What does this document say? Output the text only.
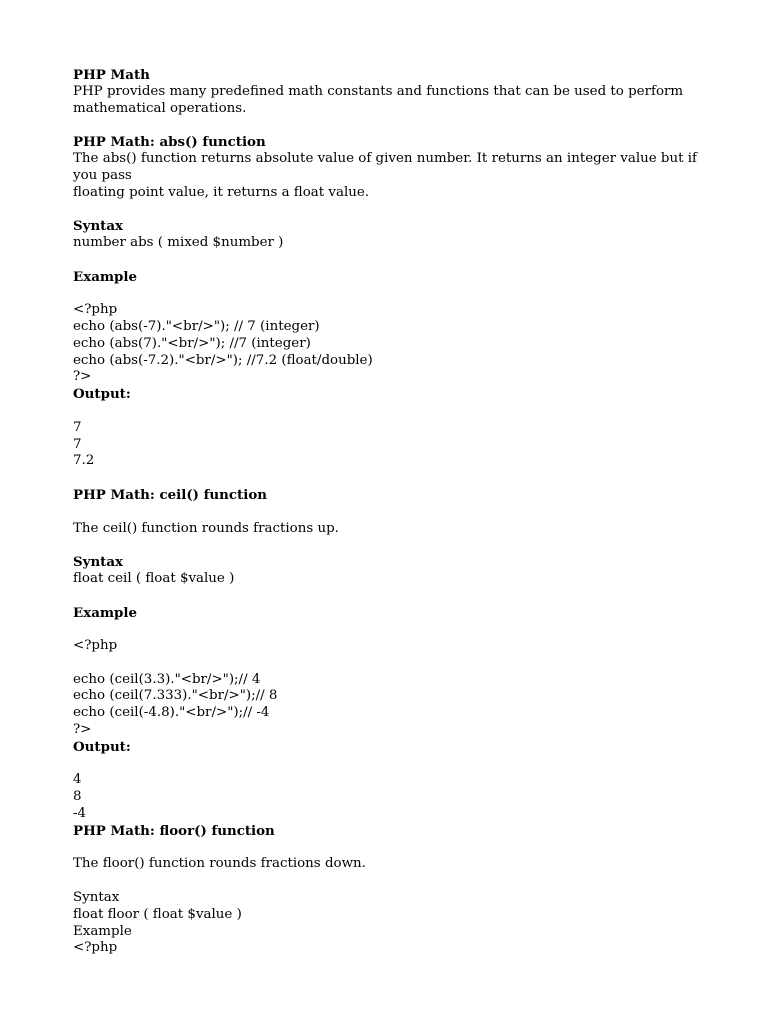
PHP Math

PHP provides many predefined math constants and functions that can be used to perform

mathematical operations.

PHP Math: abs() function

The abs() function returns absolute value of given number. It returns an integer value but if you pass

floating point value, it returns a float value.

Syntax

number abs ( mixed $number )

Example

<?php

echo (abs(-7)."<br/>"); // 7 (integer)

echo (abs(7)."<br/>"); //7 (integer)

echo (abs(-7.2)."<br/>"); //7.2 (float/double)

?>

Output:

7

7

7.2

PHP Math: ceil() function

The ceil() function rounds fractions up.

Syntax

float ceil ( float $value )

Example

<?php

echo (ceil(3.3)."<br/>");// 4

echo (ceil(7.333)."<br/>");// 8

echo (ceil(-4.8)."<br/>");// -4

?>

Output:

4

8

-4

PHP Math: floor() function

The floor() function rounds fractions down.

Syntax

float floor ( float $value )

Example

<?php
